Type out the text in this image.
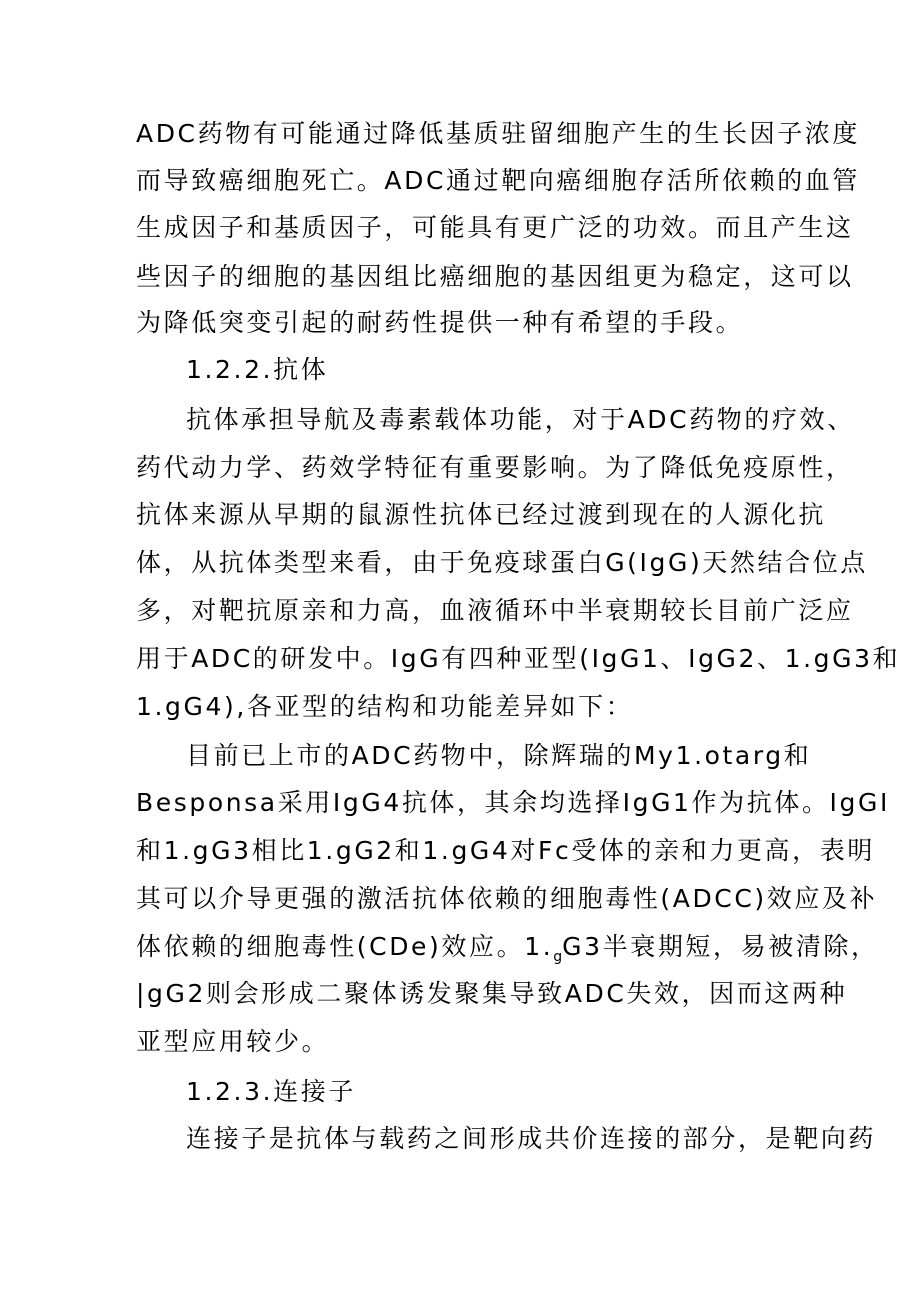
ADC药物有可能通过降低基质驻留细胞产生的生长因子浓度
而导致癌细胞死亡。ADC通过靶向癌细胞存活所依赖的血管
生成因子和基质因子，可能具有更广泛的功效。而且产生这
些因子的细胞的基因组比癌细胞的基因组更为稳定，这可以
为降低突变引起的耐药性提供一种有希望的手段。
1.2.2.抗体
抗体承担导航及毒素载体功能，对于ADC药物的疗效、
药代动力学、药效学特征有重要影响。为了降低免疫原性，
抗体来源从早期的鼠源性抗体已经过渡到现在的人源化抗
体，从抗体类型来看，由于免疫球蛋白G(IgG)天然结合位点
多，对靶抗原亲和力高，血液循环中半衰期较长目前广泛应
用于ADC的研发中。IgG有四种亚型(IgG1、IgG2、1.gG3和
1.gG4),各亚型的结构和功能差异如下：
目前已上市的ADC药物中，除辉瑞的My1.otarg和
Besponsa采用IgG4抗体，其余均选择IgG1作为抗体。IgGI
和1.gG3相比1.gG2和1.gG4对Fc受体的亲和力更高，表明
其可以介导更强的激活抗体依赖的细胞毒性(ADCC)效应及补
体依赖的细胞毒性(CDe)效应。$1._gG3$半衰期短，易被清除，
|gG2则会形成二聚体诱发聚集导致ADC失效，因而这两种
亚型应用较少。
1.2.3.连接子
连接子是抗体与载药之间形成共价连接的部分，是靶向药
